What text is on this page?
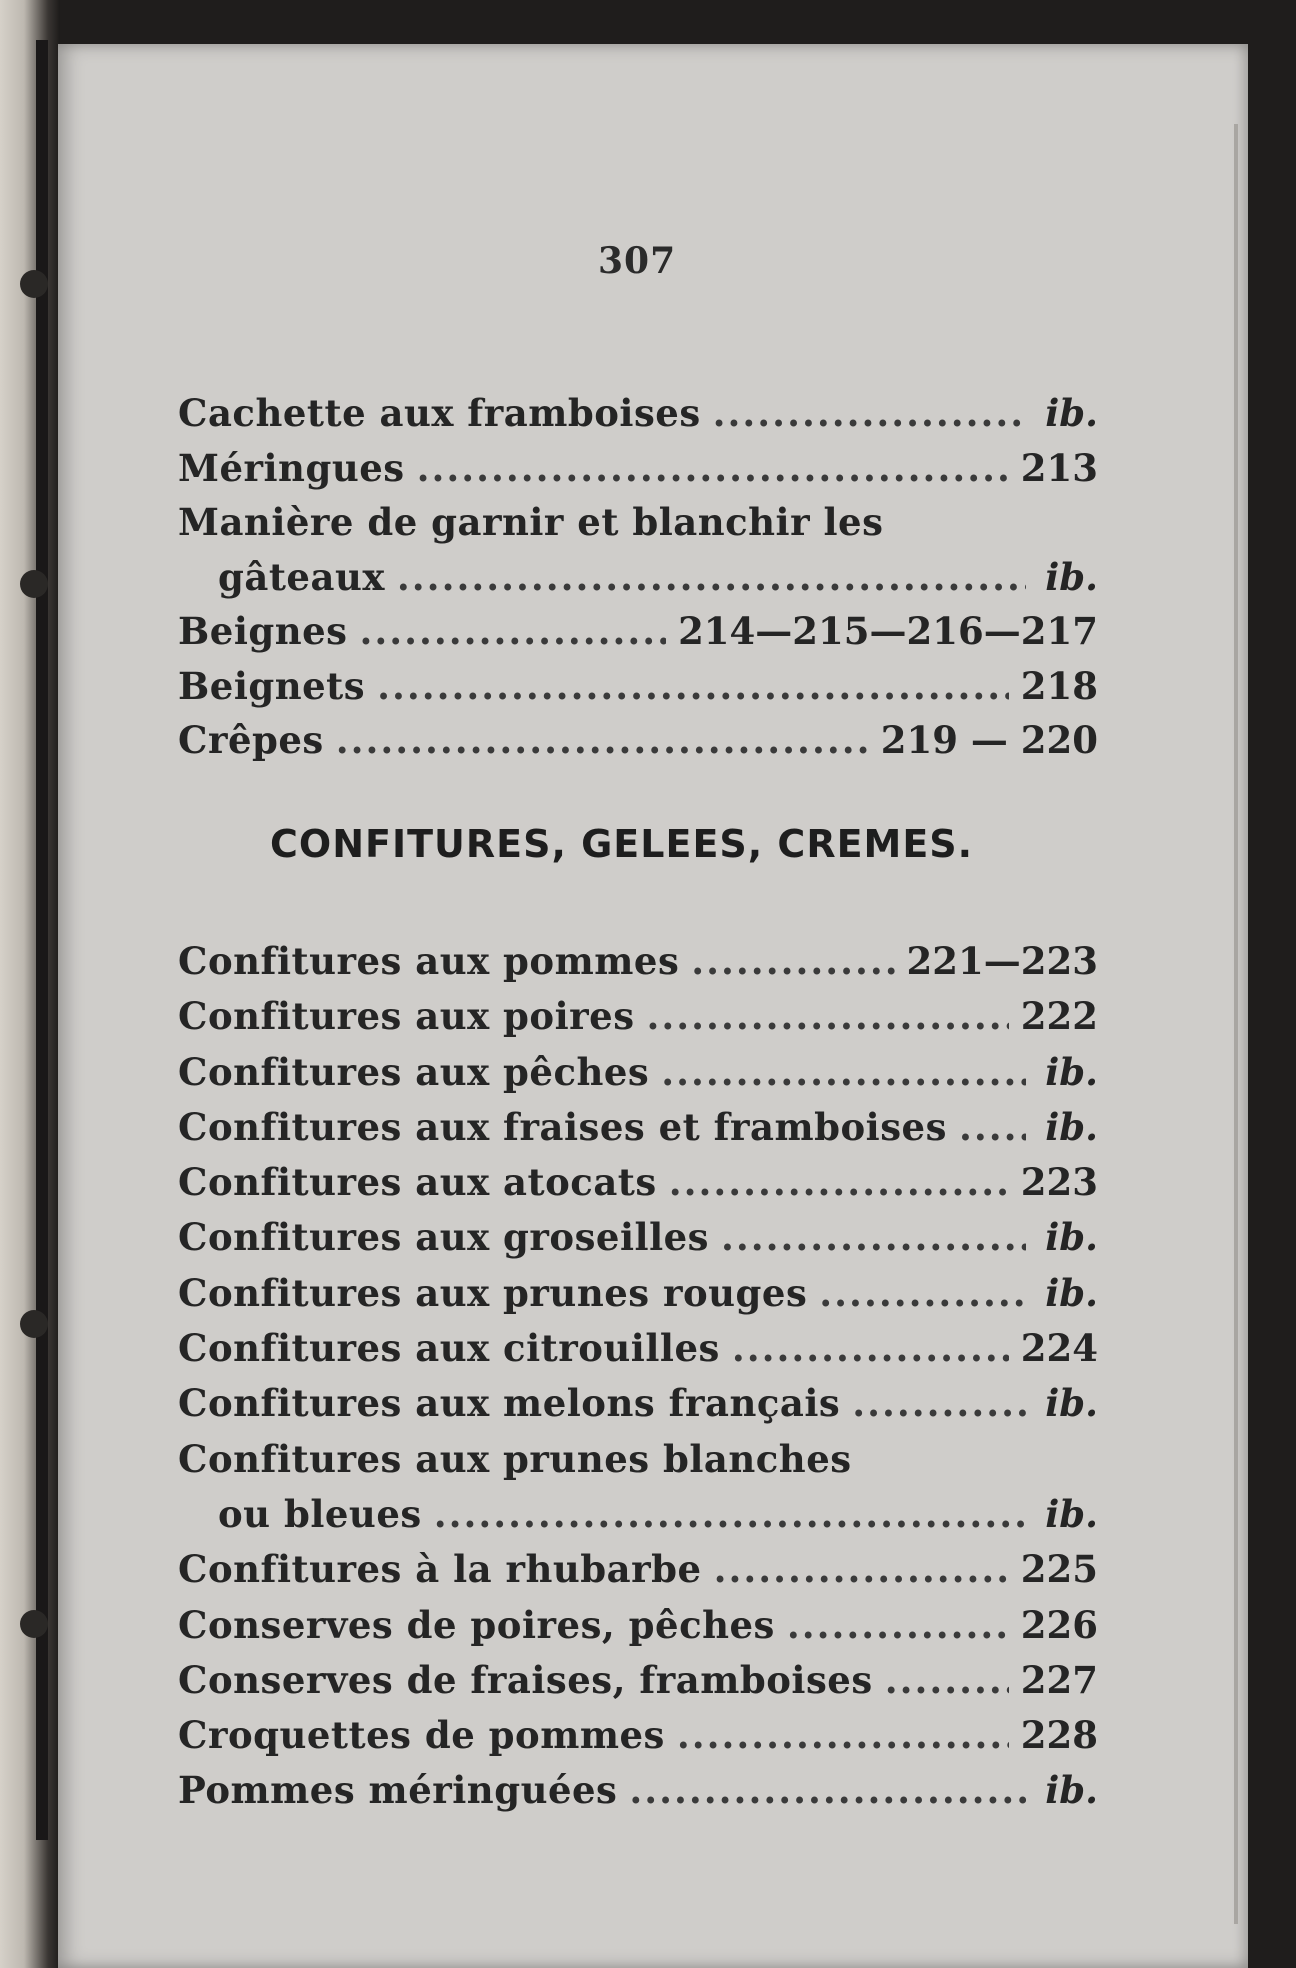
307
Cachette aux framboises .....	ib.
Méringues .....	213
Manière de garnir et blanchir les
gâteaux .....	ib.
Beignes .....	214—215—216—217
Beignets .....	218
Crêpes .....	219 — 220
CONFITURES, GELEES, CREMES.
Confitures aux pommes .....	221—223
Confitures aux poires .....	222
Confitures aux pêches .....	ib.
Confitures aux fraises et framboises .....	ib.
Confitures aux atocats .....	223
Confitures aux groseilles .....	ib.
Confitures aux prunes rouges .....	ib.
Confitures aux citrouilles .....	224
Confitures aux melons français .....	ib.
Confitures aux prunes blanches
ou bleues .....	ib.
Confitures à la rhubarbe .....	225
Conserves de poires, pêches .....	226
Conserves de fraises, framboises .....	227
Croquettes de pommes .....	228
Pommes méringuées .....	ib.
